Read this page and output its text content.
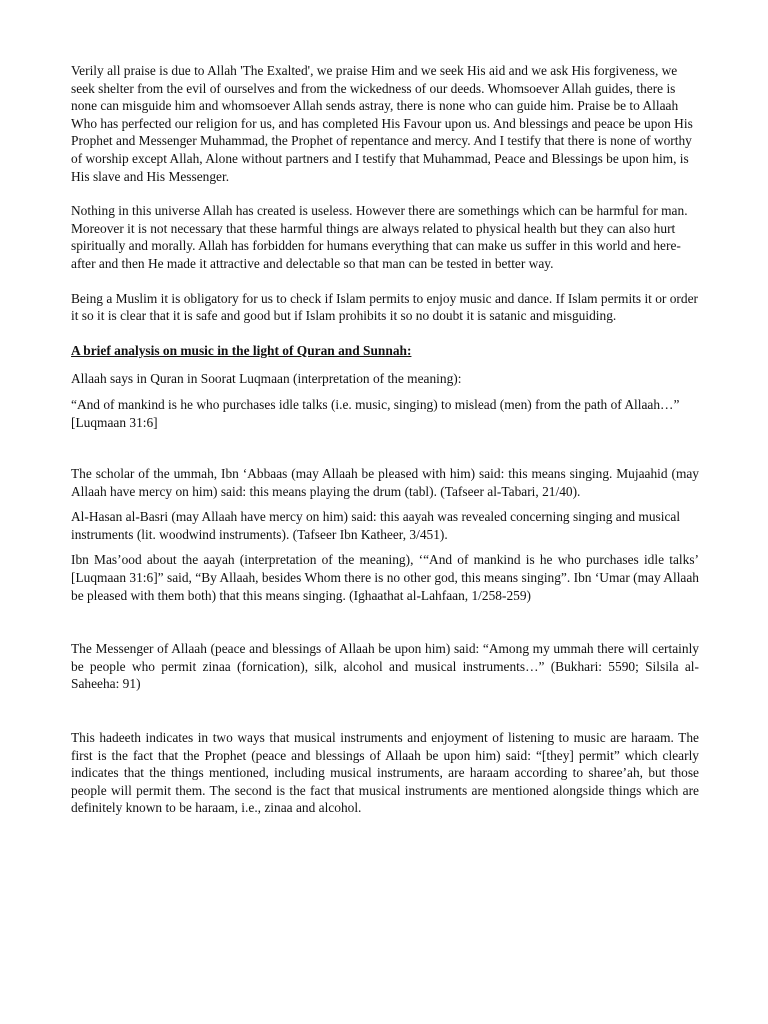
Verily all praise is due to Allah 'The Exalted', we praise Him and we seek His aid and we ask His forgiveness, we seek shelter from the evil of ourselves and from the wickedness of our deeds. Whomsoever Allah guides, there is none can misguide him and whomsoever Allah sends astray, there is none who can guide him. Praise be to Allaah Who has perfected our religion for us, and has completed His Favour upon us. And blessings and peace be upon His Prophet and Messenger Muhammad, the Prophet of repentance and mercy. And I testify that there is none of worthy of worship except Allah, Alone without partners and I testify that Muhammad, Peace and Blessings be upon him, is His slave and His Messenger.

Nothing in this universe Allah has created is useless. However there are somethings which can be harmful for man. Moreover it is not necessary that these harmful things are always related to physical health but they can also hurt spiritually and morally. Allah has forbidden for humans everything that can make us suffer in this world and here-after and then He made it attractive and delectable so that man can be tested in better way.

Being a Muslim it is obligatory for us to check if Islam permits to enjoy music and dance. If Islam permits it or order it so it is clear that it is safe and good but if Islam prohibits it so no doubt it is satanic and misguiding.

A brief analysis on music in the light of Quran and Sunnah:

Allaah says in Quran in Soorat Luqmaan (interpretation of the meaning):

“And of mankind is he who purchases idle talks (i.e. music, singing) to mislead (men) from the path of Allaah…” [Luqmaan 31:6]

The scholar of the ummah, Ibn ‘Abbaas (may Allaah be pleased with him) said: this means singing. Mujaahid (may Allaah have mercy on him) said: this means playing the drum (tabl). (Tafseer al-Tabari, 21/40).

Al-Hasan al-Basri (may Allaah have mercy on him) said: this aayah was revealed concerning singing and musical instruments (lit. woodwind instruments). (Tafseer Ibn Katheer, 3/451).

Ibn Mas’ood about the aayah (interpretation of the meaning), ‘“And of mankind is he who purchases idle talks’ [Luqmaan 31:6]” said, “By Allaah, besides Whom there is no other god, this means singing”. Ibn ‘Umar (may Allaah be pleased with them both) that this means singing. (Ighaathat al-Lahfaan, 1/258-259)

The Messenger of Allaah (peace and blessings of Allaah be upon him) said: “Among my ummah there will certainly be people who permit zinaa (fornication), silk, alcohol and musical instruments…” (Bukhari: 5590; Silsila al-Saheeha: 91)

This hadeeth indicates in two ways that musical instruments and enjoyment of listening to music are haraam. The first is the fact that the Prophet (peace and blessings of Allaah be upon him) said: “[they] permit” which clearly indicates that the things mentioned, including musical instruments, are haraam according to sharee’ah, but those people will permit them. The second is the fact that musical instruments are mentioned alongside things which are definitely known to be haraam, i.e., zinaa and alcohol.
